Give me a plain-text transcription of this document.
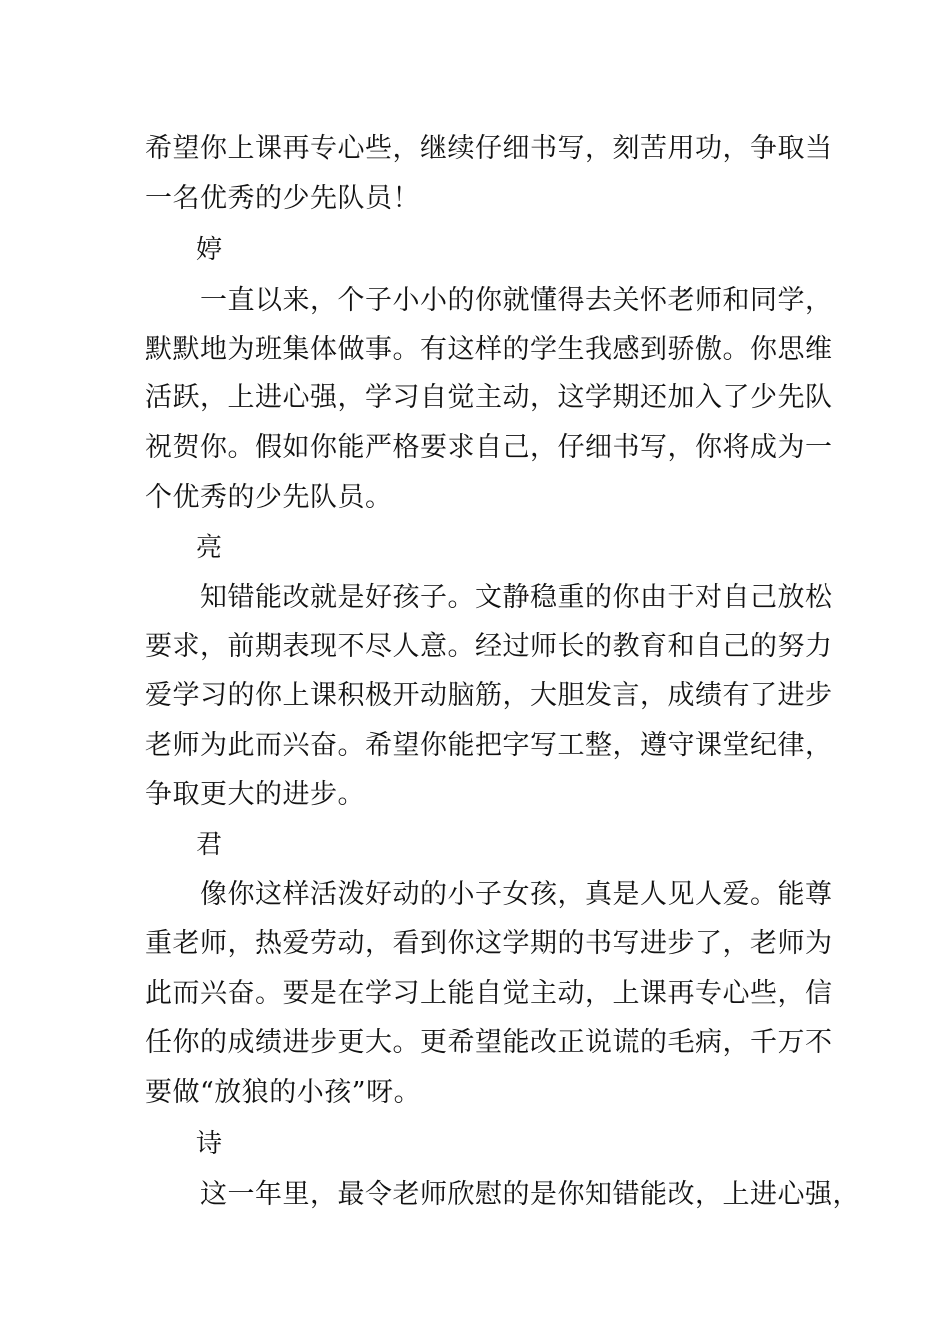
希望你上课再专心些，继续仔细书写，刻苦用功，争取当
一名优秀的少先队员！
婷
一直以来，个子小小的你就懂得去关怀老师和同学，
默默地为班集体做事。有这样的学生我感到骄傲。你思维
活跃，上进心强，学习自觉主动，这学期还加入了少先队
祝贺你。假如你能严格要求自己，仔细书写，你将成为一
个优秀的少先队员。
亮
知错能改就是好孩子。文静稳重的你由于对自己放松
要求，前期表现不尽人意。经过师长的教育和自己的努力
爱学习的你上课积极开动脑筋，大胆发言，成绩有了进步
老师为此而兴奋。希望你能把字写工整，遵守课堂纪律，
争取更大的进步。
君
像你这样活泼好动的小子女孩，真是人见人爱。能尊
重老师，热爱劳动，看到你这学期的书写进步了，老师为
此而兴奋。要是在学习上能自觉主动，上课再专心些，信
任你的成绩进步更大。更希望能改正说谎的毛病，千万不
要做“放狼的小孩”呀。
诗
这一年里，最令老师欣慰的是你知错能改，上进心强，
